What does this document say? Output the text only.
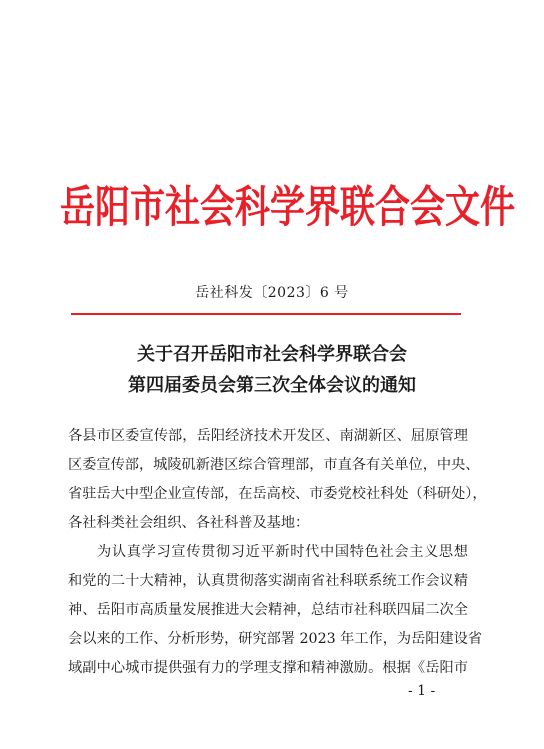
岳阳市社会科学界联合会文件
岳社科发〔2023〕6 号
关于召开岳阳市社会科学界联合会
第四届委员会第三次全体会议的通知
各县市区委宣传部，岳阳经济技术开发区、南湖新区、屈原管理
区委宣传部，城陵矶新港区综合管理部，市直各有关单位，中央、
省驻岳大中型企业宣传部，在岳高校、市委党校社科处（科研处），
各社科类社会组织、各社科普及基地：
为认真学习宣传贯彻习近平新时代中国特色社会主义思想
和党的二十大精神，认真贯彻落实湖南省社科联系统工作会议精
神、岳阳市高质量发展推进大会精神，总结市社科联四届二次全
会以来的工作、分析形势，研究部署 2023 年工作，为岳阳建设省
域副中心城市提供强有力的学理支撑和精神激励。根据《岳阳市
- 1 -
